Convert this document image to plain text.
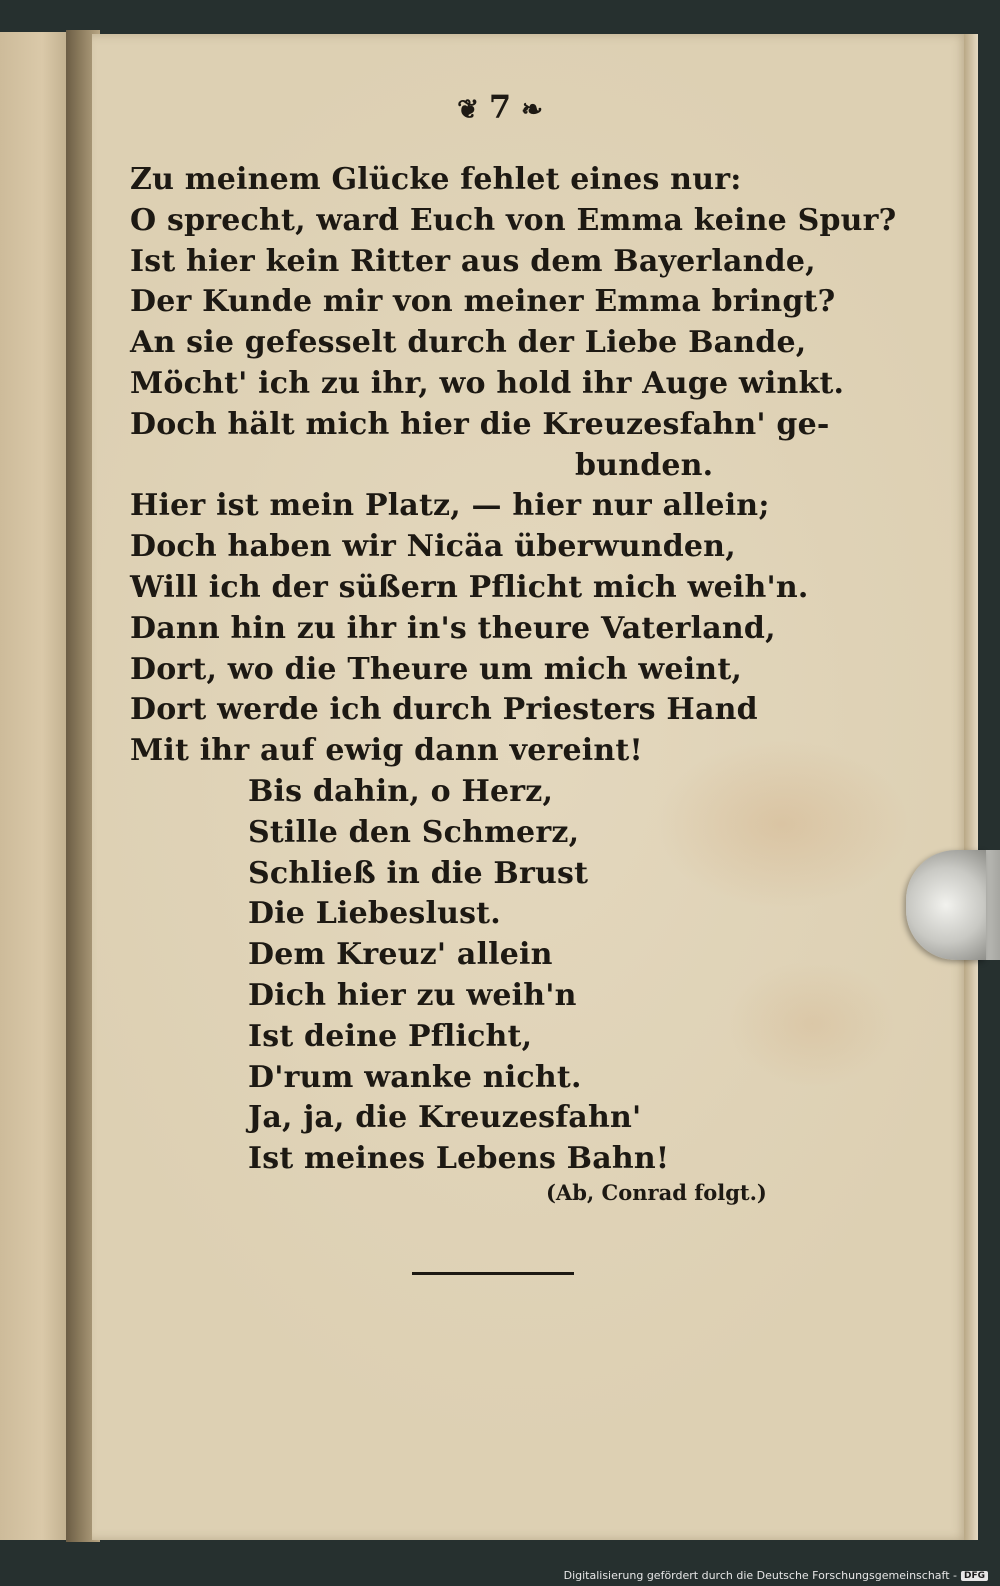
❦ 7 ❧
Zu meinem Glücke fehlet eines nur:
O sprecht, ward Euch von Emma keine Spur?
Ist hier kein Ritter aus dem Bayerlande,
Der Kunde mir von meiner Emma bringt?
An sie gefesselt durch der Liebe Bande,
Möcht' ich zu ihr, wo hold ihr Auge winkt.
Doch hält mich hier die Kreuzesfahn' ge-
bunden.
Hier ist mein Platz, — hier nur allein;
Doch haben wir Nicäa überwunden,
Will ich der süßern Pflicht mich weih'n.
Dann hin zu ihr in's theure Vaterland,
Dort, wo die Theure um mich weint,
Dort werde ich durch Priesters Hand
Mit ihr auf ewig dann vereint!
Bis dahin, o Herz,
Stille den Schmerz,
Schließ in die Brust
Die Liebeslust.
Dem Kreuz' allein
Dich hier zu weih'n
Ist deine Pflicht,
D'rum wanke nicht.
Ja, ja, die Kreuzesfahn'
Ist meines Lebens Bahn!
(Ab, Conrad folgt.)
Digitalisierung gefördert durch die Deutsche Forschungsgemeinschaft - DFG
